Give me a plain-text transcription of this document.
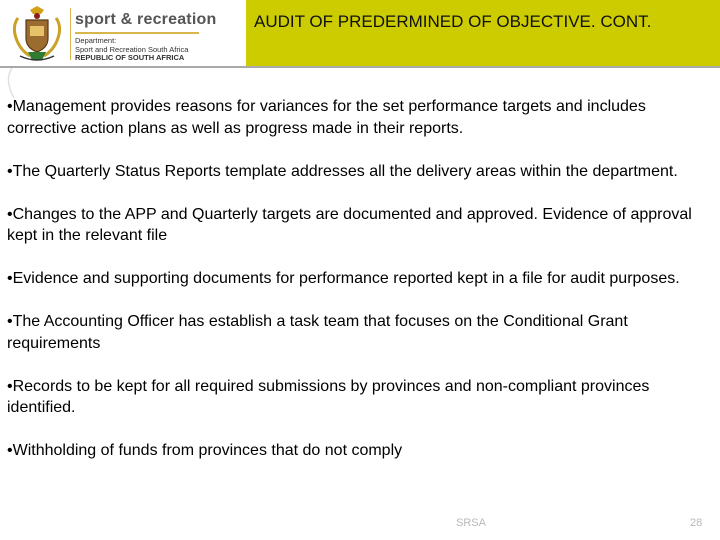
sport & recreation
Department:
Sport and Recreation South Africa
REPUBLIC OF SOUTH AFRICA
AUDIT OF PREDERMINED OF OBJECTIVE. CONT.

•Management provides reasons for variances for the set performance targets and includes corrective action plans as well as progress made in their reports.

•The Quarterly Status Reports template addresses all the delivery areas within the department.

•Changes to the APP and Quarterly targets are documented and approved. Evidence of approval kept in the relevant file

•Evidence and supporting documents for performance reported kept in a file for audit purposes.

•The Accounting Officer has establish a task team that focuses on the Conditional Grant requirements

•Records to be kept for all required submissions by provinces and non-compliant provinces identified.

•Withholding of funds from provinces that do not comply

SRSA	28
